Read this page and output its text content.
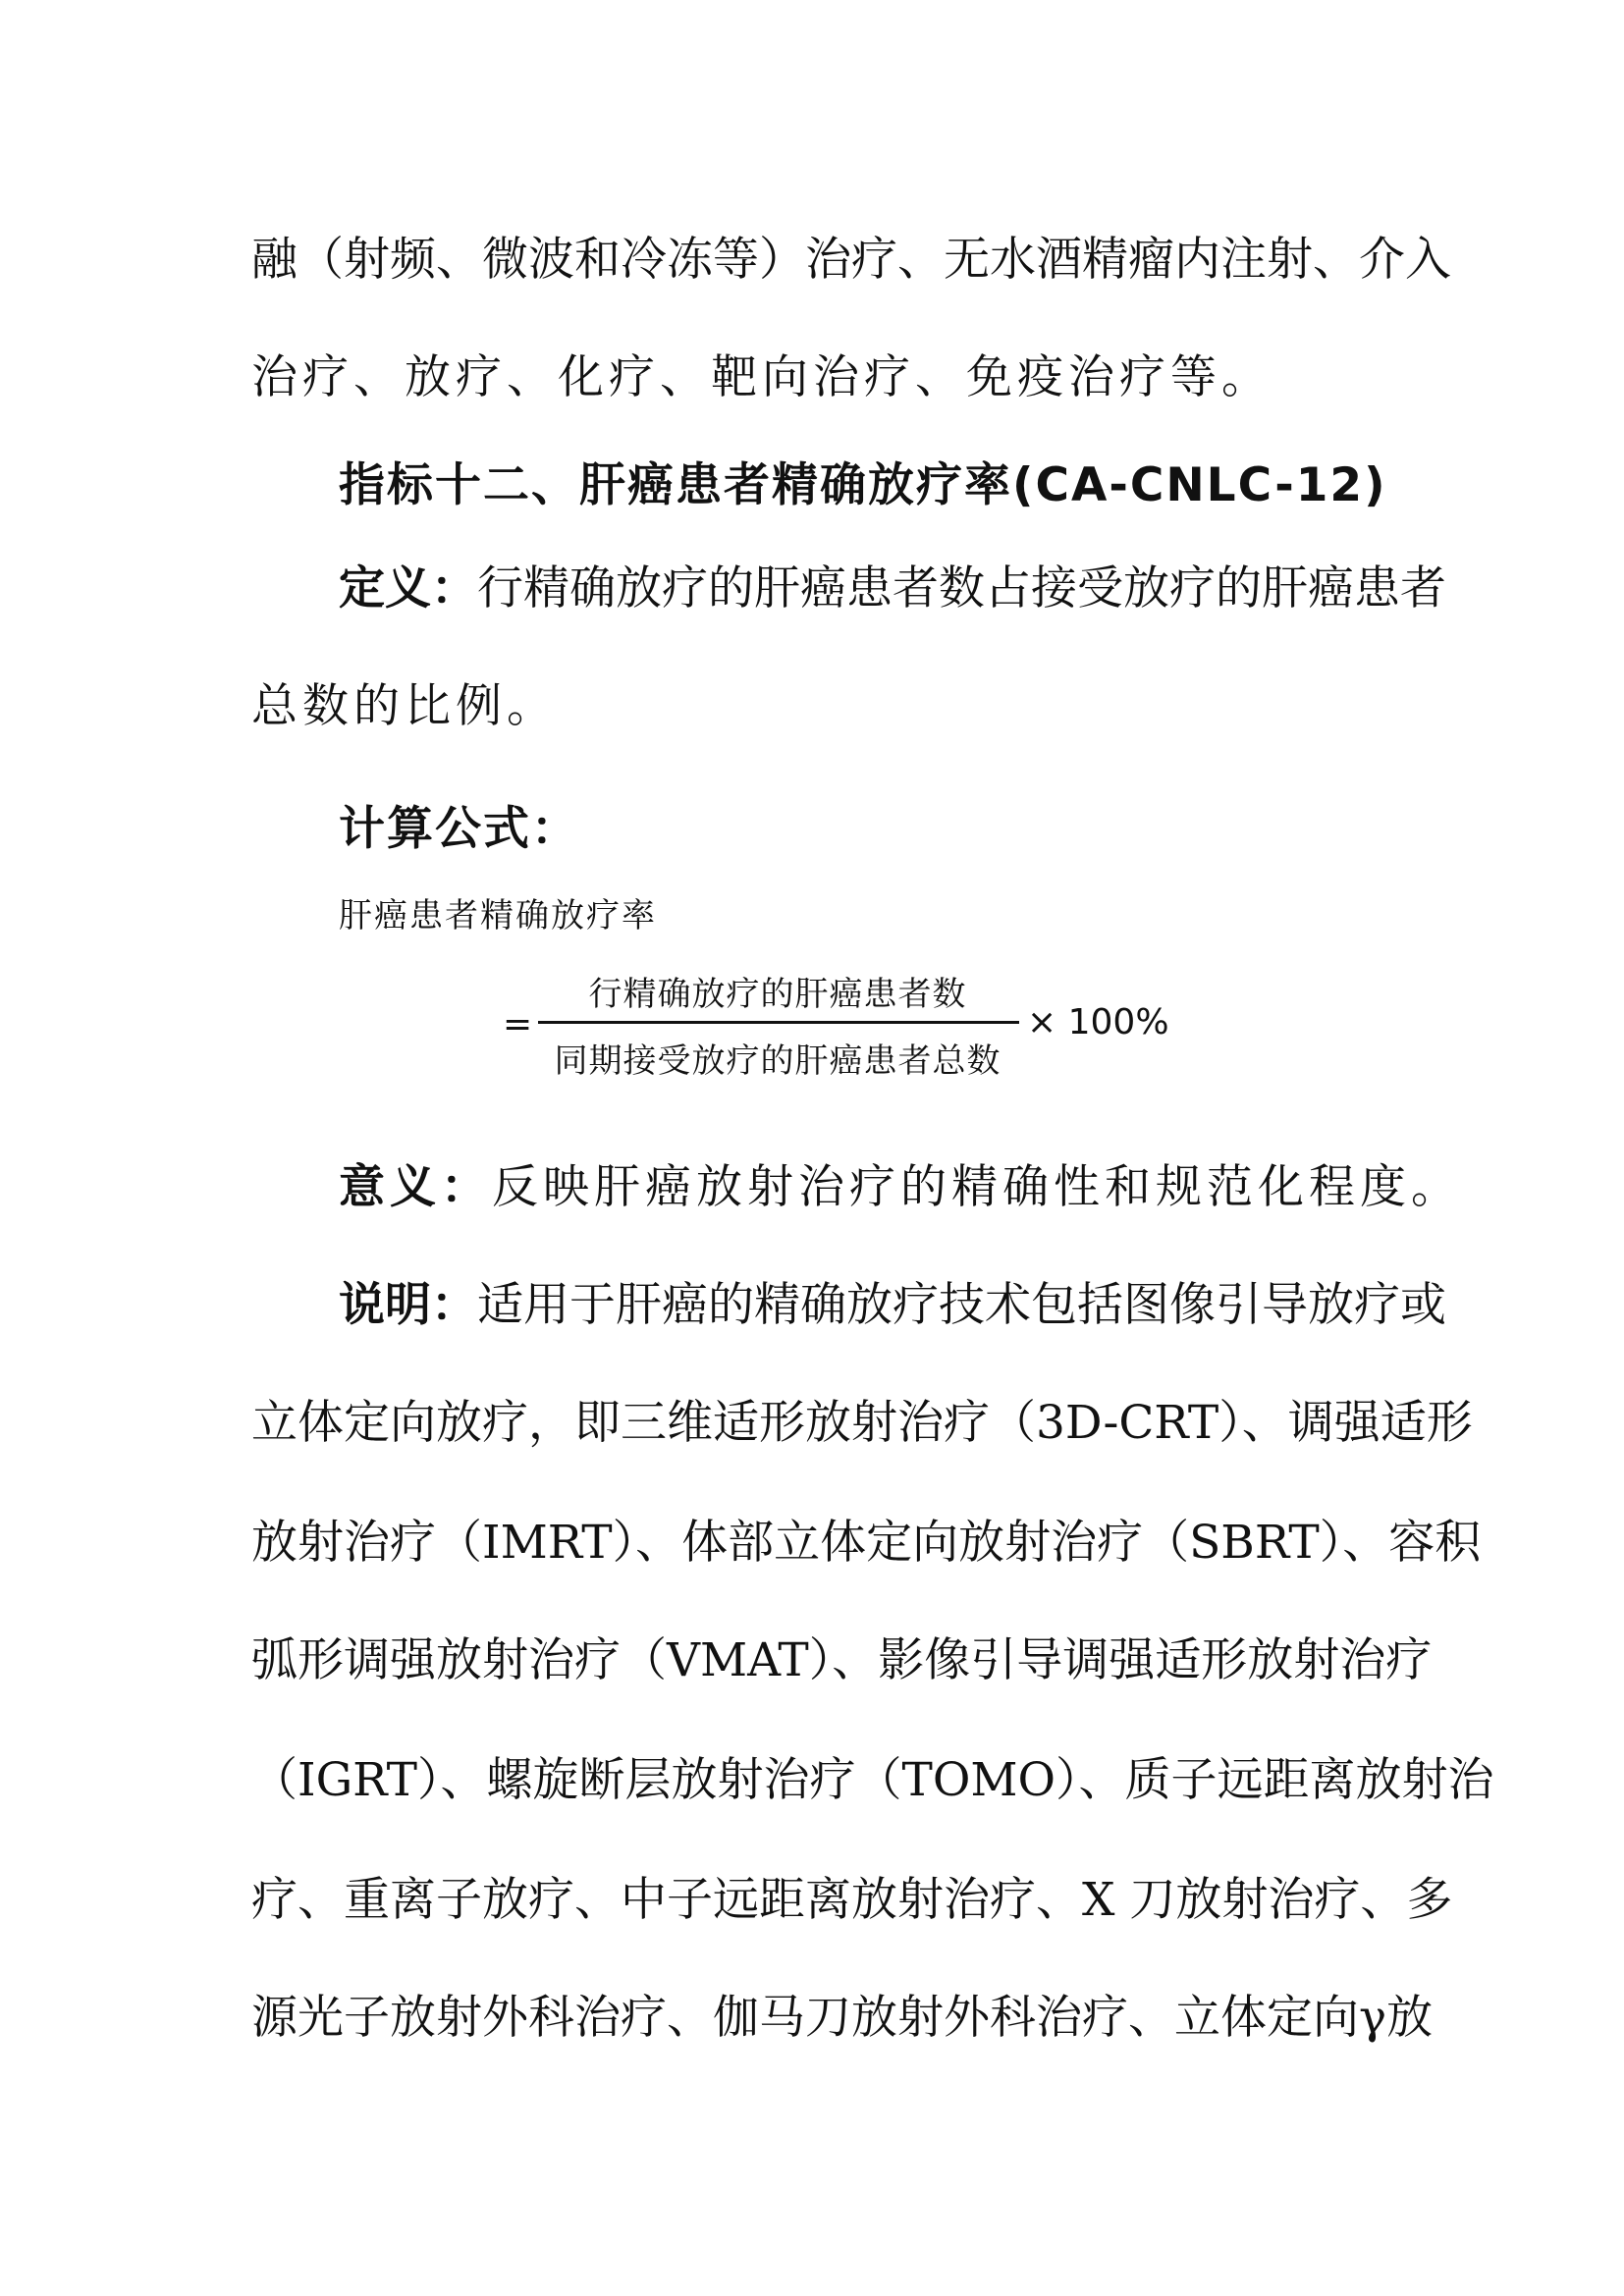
融（射频、微波和冷冻等）治疗、无水酒精瘤内注射、介入
治疗、放疗、化疗、靶向治疗、免疫治疗等。
指标十二、肝癌患者精确放疗率(CA-CNLC-12)
定义：行精确放疗的肝癌患者数占接受放疗的肝癌患者
总数的比例。
计算公式：
肝癌患者精确放疗率
=
行精确放疗的肝癌患者数
同期接受放疗的肝癌患者总数
× 100%
意义：反映肝癌放射治疗的精确性和规范化程度。
说明：适用于肝癌的精确放疗技术包括图像引导放疗或
立体定向放疗，即三维适形放射治疗（3D-CRT）、调强适形
放射治疗（IMRT）、体部立体定向放射治疗（SBRT）、容积
弧形调强放射治疗（VMAT）、影像引导调强适形放射治疗
（IGRT）、螺旋断层放射治疗（TOMO）、质子远距离放射治
疗、重离子放疗、中子远距离放射治疗、X 刀放射治疗、多
源光子放射外科治疗、伽马刀放射外科治疗、立体定向γ放
